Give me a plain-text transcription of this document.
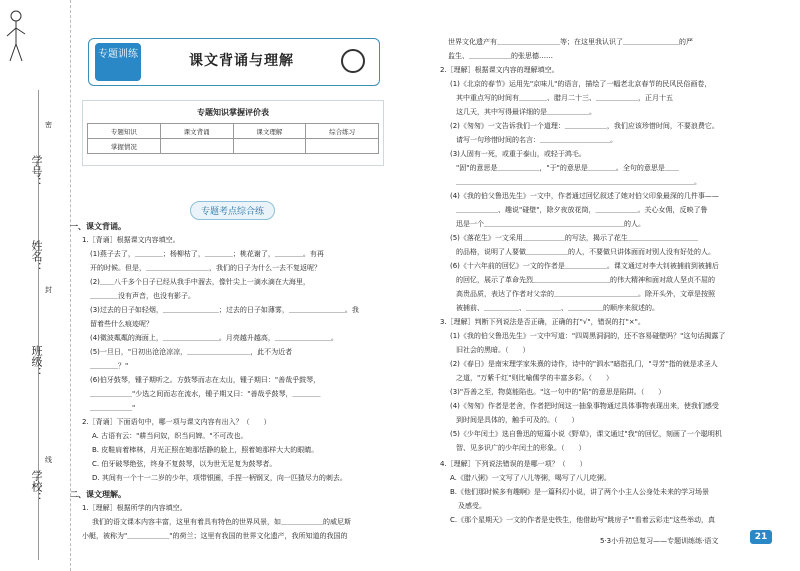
学号：
姓名：
班级：
学校：
密
封
线
专题训练	课文背诵与理解
专题知识掌握评价表
专题知识	课文背诵	课文理解	综合练习
掌握情况			
专题考点综合练
一、课文背诵。
1.［背诵］根据课文内容填空。
(1)燕子去了，＿＿＿＿；杨柳枯了，＿＿＿＿；桃花谢了，＿＿＿＿。有再
开的时候。但是，＿＿＿＿＿＿＿＿＿，我们的日子为什么一去不复返呢？
(2)＿＿八千多个日子已经从我手中溜去，像针尖上一滴水滴在大海里，
＿＿＿＿没有声音，也没有影子。
(3)过去的日子如轻烟，＿＿＿＿＿＿＿＿；过去的日子如薄雾，＿＿＿＿＿＿＿＿。我
留着些什么痕迹呢？
(4)微波粼粼的海面上，＿＿＿＿＿＿＿＿。月亮越升越高，＿＿＿＿＿＿＿＿。
(5)一旦日，"日初出沧沧凉凉，＿＿＿＿＿＿＿＿＿，此不为近者
＿＿＿＿？"
(6)伯牙鼓琴，锺子期听之。方鼓琴而志在太山，锺子期曰："善哉乎鼓琴，
＿＿＿＿＿＿"少选之间而志在流水，锺子期又曰："善哉乎鼓琴，＿＿＿＿
＿＿＿＿＿＿"
2.［背诵］下面语句中，哪一项与课文内容有出入？（　　）
A. 古语有云："耕当问奴，织当问婢。"不可改也。
B. 皮鞋肩着棒林，月光正照在她那恬静的脸上，照着她那样大大的眼睛。
C. 伯牙破琴绝弦，终身不复鼓琴，以为世无足复为鼓琴者。
D. 其间有一个十一二岁的少年，项带银圈，手捏一柄钢叉，向一匹猹尽力的刺去。
二、课文理解。
1.［理解］根据所学的内容填空。
我们的语文课本内容丰富，这里有着具有特色的世界风景，如＿＿＿＿＿＿的威尼斯
小艇，被称为"＿＿＿＿＿＿"的荷兰；这里有我国的世界文化遗产，我所知道的我国的
世界文化遗产有＿＿＿＿＿＿＿＿＿等；在这里我认识了＿＿＿＿＿＿＿＿的严
监生、＿＿＿＿＿＿的张思德……
2.［理解］根据课文内容的理解填空。
(1)《北京的春节》运用先"京味儿"的语言，描绘了一幅老北京春节的民风民俗画卷，
其中重点写的时间有＿＿＿＿、腊月二十三、＿＿＿＿＿＿，正月十五
这几天，其中写得最详细的是＿＿＿＿＿＿。
(2)《匆匆》一文告诉我们一个道理：＿＿＿＿＿＿，我们应该珍惜时间，不要浪费它。
请写一句珍惜时间的名言：＿＿＿＿＿＿＿＿＿＿。
(3)人固有一死，或重于泰山，或轻于鸿毛。
"固"的意思是＿＿＿＿＿＿，"于"的意思是＿＿＿＿。全句的意思是＿＿
＿＿＿＿＿＿＿＿＿＿＿＿＿＿＿＿＿＿＿＿＿＿＿＿＿＿＿＿＿＿＿＿＿＿。
(4)《我的伯父鲁迅先生》一文中，作者通过回忆叙述了她对伯父印象最深的几件事——
＿＿＿＿＿＿、趣说"碰壁"，除夕夜放花筒，＿＿＿＿＿＿。关心女佣，反映了鲁
迅是一个＿＿＿＿＿＿＿＿＿＿＿＿＿＿＿＿＿＿＿＿的人。
(5)《落花生》一文采用＿＿＿＿＿＿的写法，揭示了花生＿＿＿＿＿＿＿＿＿＿
的品格，说明了人要做＿＿＿＿＿＿的人，不要做只讲体面而对别人没有好处的人。
(6)《十六年前的回忆》一文的作者是＿＿＿＿＿＿。课文通过对李大钊被捕前到被捕后
的回忆，展示了革命先烈＿＿＿＿＿＿＿＿＿＿＿的伟大精神和面对敌人坚贞不屈的
高贵品质，表达了作者对父亲的＿＿＿＿＿＿＿＿＿＿＿＿。除开头外，文章是按照
被捕前、＿＿＿＿＿、＿＿＿＿＿、＿＿＿＿＿的顺序来叙述的。
3.［理解］判断下列说法是否正确，正确的打"√"，错误的打"×"。
(1)《我的伯父鲁迅先生》一文中写道："四周黑洞洞的，还不容易碰壁吗？"这句话揭露了
旧社会的黑暗。（　　）
(2)《春日》是南宋理学家朱熹的诗作，诗中的"泗水"暗指孔门，"寻芳"指的就是求圣人
之道，"万紫千红"则比喻儒学的丰富多彩。（　　）
(3)"吾善之至，物莫能陷也。"这一句中的"陷"的意思是陷阱。（　　）
(4)《匆匆》作者是老舍，作者把时间这一抽象事物通过具体事物表现出来，使我们感受
到时间是具体的，触手可及的。（　　）
(5)《少年闰土》选自鲁迅的短篇小说《野草》，课文通过"我"的回忆，刻画了一个聪明机
智、见多识广的少年闰土的形象。（　　）
4.［理解］下列说法错误的是哪一项？（　　）
A.《腊八粥》一文写了八儿等粥，喝写了八儿吃粥。
B.《他们那时候多有趣啊》是一篇科幻小说，讲了两个小主人公身处未来的学习场景
及感受。
C.《那个星期天》一文的作者是史铁生，他借助写"跳房子""看着云彩走"这些举动，真
5·3小升初总复习——专题训练练·语文	21
